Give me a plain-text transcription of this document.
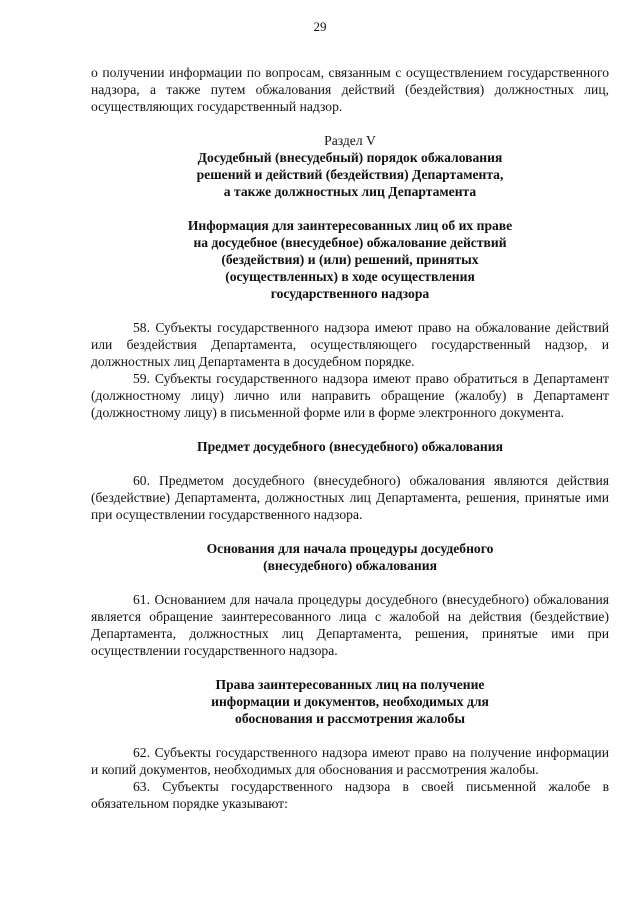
29

о получении информации по вопросам, связанным с осуществлением государственного надзора, а также путем обжалования действий (бездействия) должностных лиц, осуществляющих государственный надзор.

Раздел V

Досудебный (внесудебный) порядок обжалования

решений и действий (бездействия) Департамента,

а также должностных лиц Департамента

Информация для заинтересованных лиц об их праве

на досудебное (внесудебное) обжалование действий

(бездействия) и (или) решений, принятых

(осуществленных) в ходе осуществления

государственного надзора

58. Субъекты государственного надзора имеют право на обжалование действий или бездействия Департамента, осуществляющего государственный надзор, и должностных лиц Департамента в досудебном порядке.

59. Субъекты государственного надзора имеют право обратиться в Департамент (должностному лицу) лично или направить обращение (жалобу) в Департамент (должностному лицу) в письменной форме или в форме электронного документа.

Предмет досудебного (внесудебного) обжалования

60. Предметом досудебного (внесудебного) обжалования являются действия (бездействие) Департамента, должностных лиц Департамента, решения, принятые ими при осуществлении государственного надзора.

Основания для начала процедуры досудебного

(внесудебного) обжалования

61. Основанием для начала процедуры досудебного (внесудебного) обжалования является обращение заинтересованного лица с жалобой на действия (бездействие) Департамента, должностных лиц Департамента, решения, принятые ими при осуществлении государственного надзора.

Права заинтересованных лиц на получение

информации и документов, необходимых для

обоснования и рассмотрения жалобы

62. Субъекты государственного надзора имеют право на получение информации и копий документов, необходимых для обоснования и рассмотрения жалобы.

63. Субъекты государственного надзора в своей письменной жалобе в обязательном порядке указывают:
